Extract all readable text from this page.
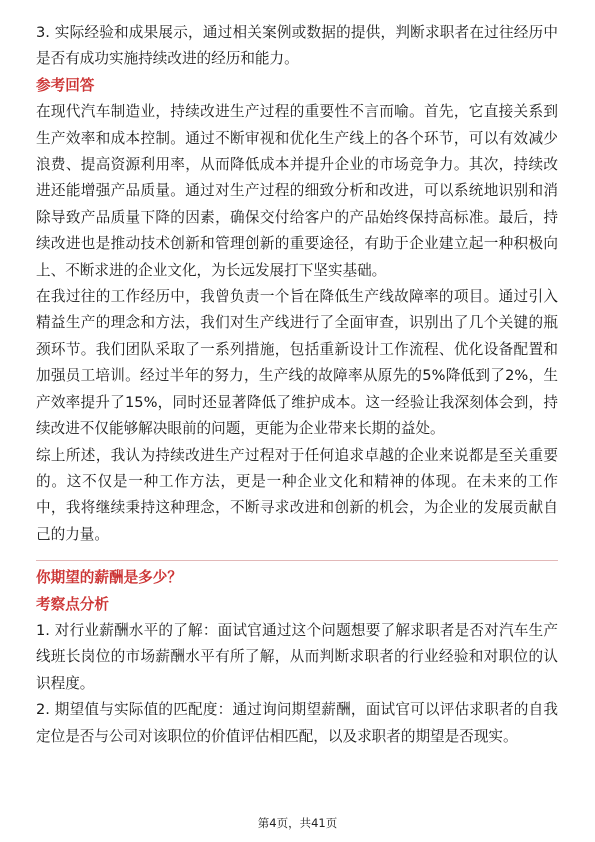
3. 实际经验和成果展示，通过相关案例或数据的提供，判断求职者在过往经历中是否有成功实施持续改进的经历和能力。

参考回答

在现代汽车制造业，持续改进生产过程的重要性不言而喻。首先，它直接关系到生产效率和成本控制。通过不断审视和优化生产线上的各个环节，可以有效减少浪费、提高资源利用率，从而降低成本并提升企业的市场竞争力。其次，持续改进还能增强产品质量。通过对生产过程的细致分析和改进，可以系统地识别和消除导致产品质量下降的因素，确保交付给客户的产品始终保持高标准。最后，持续改进也是推动技术创新和管理创新的重要途径，有助于企业建立起一种积极向上、不断求进的企业文化，为长远发展打下坚实基础。

在我过往的工作经历中，我曾负责一个旨在降低生产线故障率的项目。通过引入精益生产的理念和方法，我们对生产线进行了全面审查，识别出了几个关键的瓶颈环节。我们团队采取了一系列措施，包括重新设计工作流程、优化设备配置和加强员工培训。经过半年的努力，生产线的故障率从原先的5%降低到了2%，生产效率提升了15%，同时还显著降低了维护成本。这一经验让我深刻体会到，持续改进不仅能够解决眼前的问题，更能为企业带来长期的益处。

综上所述，我认为持续改进生产过程对于任何追求卓越的企业来说都是至关重要的。这不仅是一种工作方法，更是一种企业文化和精神的体现。在未来的工作中，我将继续秉持这种理念，不断寻求改进和创新的机会，为企业的发展贡献自己的力量。

你期望的薪酬是多少？

考察点分析

1. 对行业薪酬水平的了解：面试官通过这个问题想要了解求职者是否对汽车生产线班长岗位的市场薪酬水平有所了解，从而判断求职者的行业经验和对职位的认识程度。

2. 期望值与实际值的匹配度：通过询问期望薪酬，面试官可以评估求职者的自我定位是否与公司对该职位的价值评估相匹配，以及求职者的期望是否现实。

第4页，共41页
